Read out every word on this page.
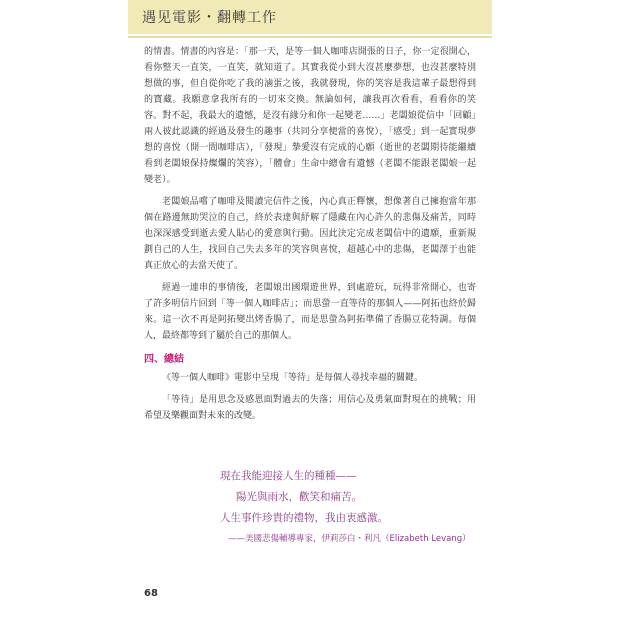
遇见電影・翻轉工作

的情書。情書的內容是：「那一天，是等一個人咖啡店開張的日子，你一定很開心，看你整天一直笑，一直笑，就知道了。其實我從小到大沒甚麼夢想，也沒甚麼特別想做的事，但自從你吃了我的滷蛋之後，我就發現，你的笑容是我這輩子最想得到的寶藏。我願意拿我所有的一切來交換。無論如何，讓我再次看看，看看你的笑容。對不起，我最大的遺憾，是沒有緣分和你一起變老……」老闆娘從信中「回顧」兩人彼此認識的經過及發生的趣事（共同分享便當的喜悅），「感受」到一起實現夢想的喜悅（開一間咖啡店），「發現」摯愛沒有完成的心願（逝世的老闆期待能繼續看到老闆娘保持燦爛的笑容），「體會」生命中總會有遺憾（老闆不能跟老闆娘一起變老）。

老闆娘品嚐了咖啡及閱讀完信件之後，內心真正釋懷，想像著自己擁抱當年那個在路邊無助哭泣的自己，終於表達與紓解了隱藏在內心許久的悲傷及痛苦，同時也深深感受到逝去愛人貼心的愛意與行動。因此決定完成老闆信中的遺願，重新規劃自己的人生，找回自己失去多年的笑容與喜悅，超越心中的悲傷，老闆澤于也能真正放心的去當天使了。

經過一連串的事情後，老闆娘出國環遊世界，到處遊玩，玩得非常開心，也寄了許多明信片回到「等一個人咖啡店」；而思螢一直等待的那個人——阿拓也終於歸來。這一次不再是阿拓變出烤香腸了，而是思螢為阿拓準備了香腸豆花特調。每個人，最終都等到了屬於自己的那個人。

四、總結

《等一個人咖啡》電影中呈現「等待」是每個人尋找幸福的關鍵。

「等待」是用思念及感恩面對過去的失落；用信心及勇氣面對現在的挑戰；用希望及樂觀面對未來的改變。

現在我能迎接人生的種種——
陽光與雨水，歡笑和痛苦。
人生事件珍貴的禮物，我由衷感激。
——美國悲傷輔導專家，伊莉莎白・利凡（Elizabeth Levang）
68
